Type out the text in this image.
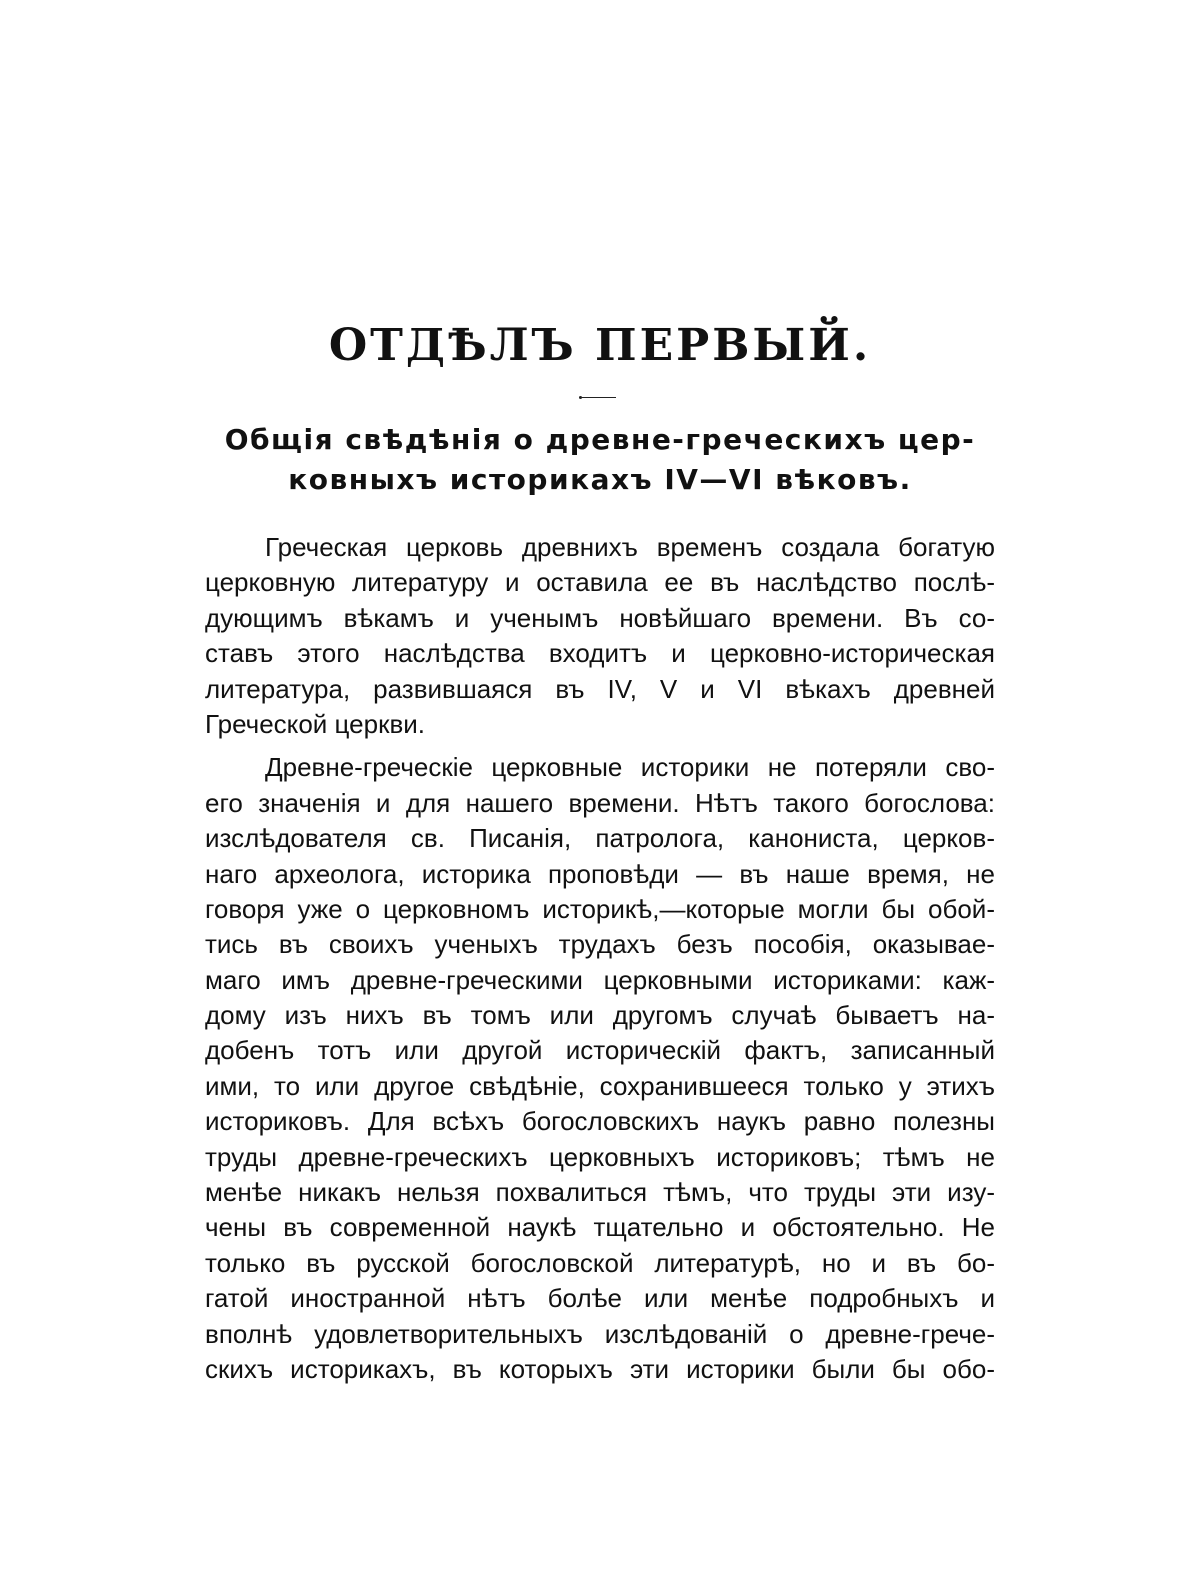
ОТДѢЛЪ ПЕРВЫЙ.
Общія свѣдѣнія о древне-греческихъ цер-
ковныхъ историкахъ IV—VI вѣковъ.
Греческая церковь древнихъ временъ создала богатую
церковную литературу и оставила ее въ наслѣдство послѣ-
дующимъ вѣкамъ и ученымъ новѣйшаго времени. Въ со-
ставъ этого наслѣдства входитъ и церковно-историческая
литература, развившаяся въ IV, V и VI вѣкахъ древней
Греческой церкви.
Древне-греческіе церковные историки не потеряли сво-
его значенія и для нашего времени. Нѣтъ такого богослова:
изслѣдователя св. Писанія, патролога, канониста, церков-
наго археолога, историка проповѣди — въ наше время, не
говоря уже о церковномъ историкѣ,—которые могли бы обой-
тись въ своихъ ученыхъ трудахъ безъ пособія, оказывае-
маго имъ древне-греческими церковными историками: каж-
дому изъ нихъ въ томъ или другомъ случаѣ бываетъ на-
добенъ тотъ или другой историческій фактъ, записанный
ими, то или другое свѣдѣніе, сохранившееся только у этихъ
историковъ. Для всѣхъ богословскихъ наукъ равно полезны
труды древне-греческихъ церковныхъ историковъ; тѣмъ не
менѣе никакъ нельзя похвалиться тѣмъ, что труды эти изу-
чены въ современной наукѣ тщательно и обстоятельно. Не
только въ русской богословской литературѣ, но и въ бо-
гатой иностранной нѣтъ болѣе или менѣе подробныхъ и
вполнѣ удовлетворительныхъ изслѣдованій о древне-грече-
скихъ историкахъ, въ которыхъ эти историки были бы обо-
